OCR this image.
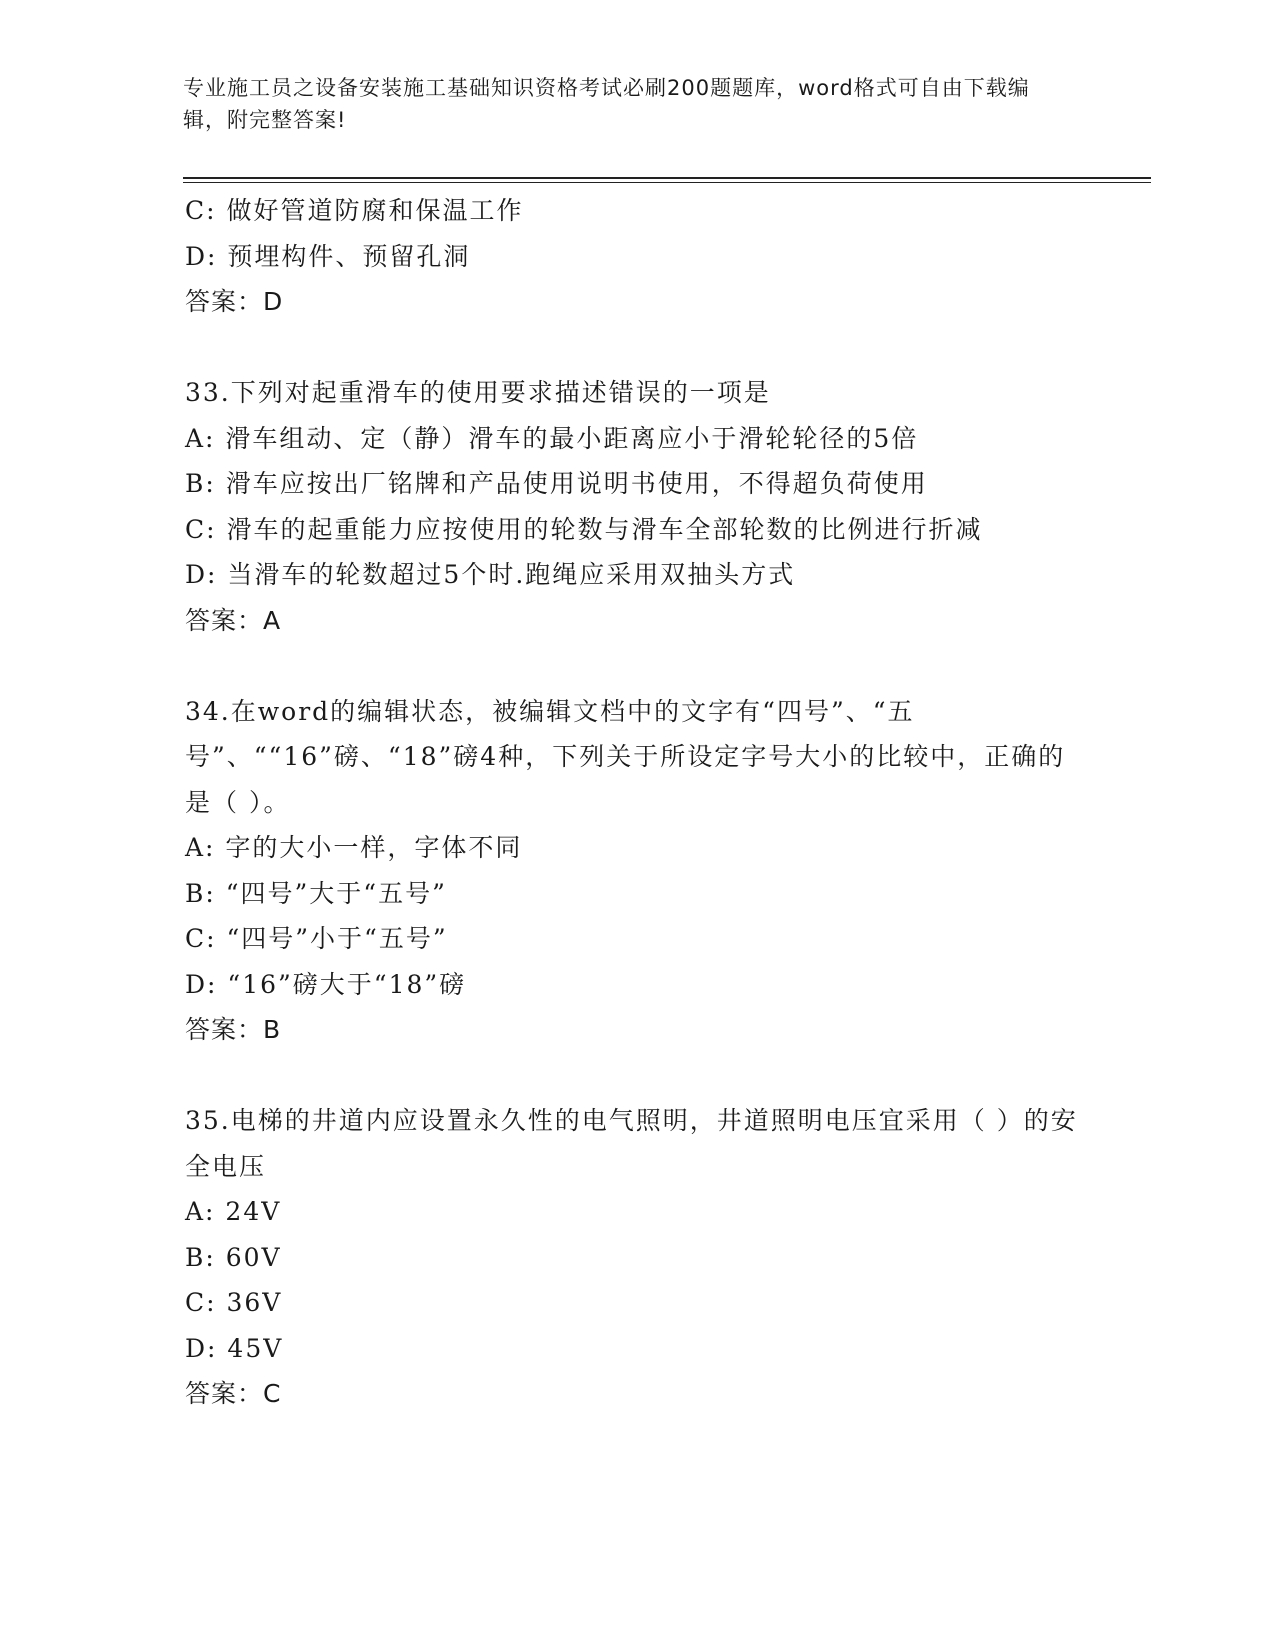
专业施工员之设备安装施工基础知识资格考试必刷200题题库，word格式可自由下载编辑，附完整答案!
C: 做好管道防腐和保温工作
D: 预埋构件、预留孔洞
答案：D
33.下列对起重滑车的使用要求描述错误的一项是
A: 滑车组动、定（静）滑车的最小距离应小于滑轮轮径的5倍
B: 滑车应按出厂铭牌和产品使用说明书使用，不得超负荷使用
C: 滑车的起重能力应按使用的轮数与滑车全部轮数的比例进行折减
D: 当滑车的轮数超过5个时.跑绳应采用双抽头方式
答案：A
34.在word的编辑状态，被编辑文档中的文字有“四号”、“五号”、““16”磅、“18”磅4种，下列关于所设定字号大小的比较中，正确的是（ ）。
A: 字的大小一样，字体不同
B: “四号”大于“五号”
C: “四号”小于“五号”
D: “16”磅大于“18”磅
答案：B
35.电梯的井道内应设置永久性的电气照明，井道照明电压宜采用（ ）的安全电压
A: 24V
B: 60V
C: 36V
D: 45V
答案：C
